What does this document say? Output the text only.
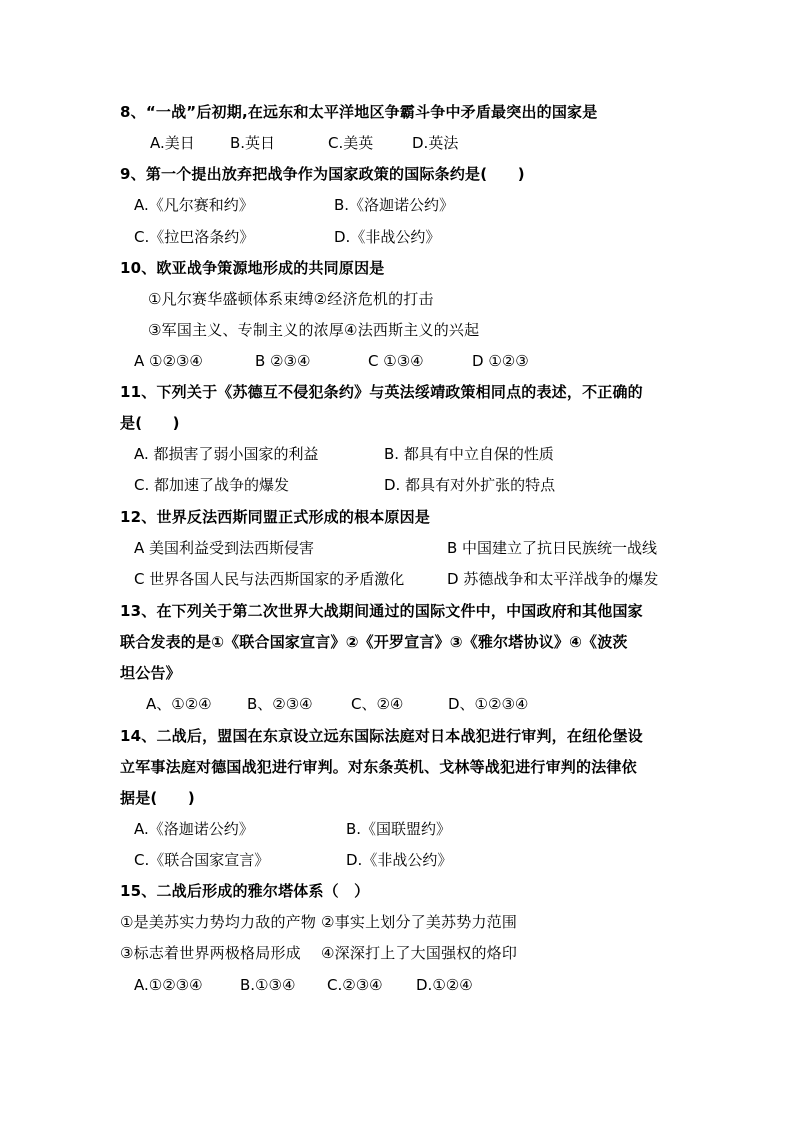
8、“一战”后初期,在远东和太平洋地区争霸斗争中矛盾最突出的国家是
A.美日 B.英日	C.美英	D.英法
9、第一个提出放弃把战争作为国家政策的国际条约是(　　)
A.《凡尔赛和约》	B.《洛迦诺公约》
C.《拉巴洛条约》	D.《非战公约》
10、欧亚战争策源地形成的共同原因是
①凡尔赛华盛顿体系束缚②经济危机的打击
③军国主义、专制主义的浓厚④法西斯主义的兴起
A ①②③④	B ②③④	C ①③④	D ①②③
11、下列关于《苏德互不侵犯条约》与英法绥靖政策相同点的表述，不正确的
是(　　)
A. 都损害了弱小国家的利益	B. 都具有中立自保的性质
C. 都加速了战争的爆发	D. 都具有对外扩张的特点
12、世界反法西斯同盟正式形成的根本原因是
A 美国利益受到法西斯侵害	B 中国建立了抗日民族统一战线
C 世界各国人民与法西斯国家的矛盾激化	D 苏德战争和太平洋战争的爆发
13、在下列关于第二次世界大战期间通过的国际文件中，中国政府和其他国家
联合发表的是①《联合国家宣言》②《开罗宣言》③《雅尔塔协议》④《波茨
坦公告》
A、①②④ B、②③④	C、②④	D、①②③④
14、二战后，盟国在东京设立远东国际法庭对日本战犯进行审判，在纽伦堡设
立军事法庭对德国战犯进行审判。对东条英机、戈林等战犯进行审判的法律依
据是(　　)
A.《洛迦诺公约》	B.《国联盟约》
C.《联合国家宣言》	D.《非战公约》
15、二战后形成的雅尔塔体系（　）
①是美苏实力势均力敌的产物 ②事实上划分了美苏势力范围
③标志着世界两极格局形成　 ④深深打上了大国强权的烙印
A.①②③④ B.①③④ C.②③④ D.①②④
